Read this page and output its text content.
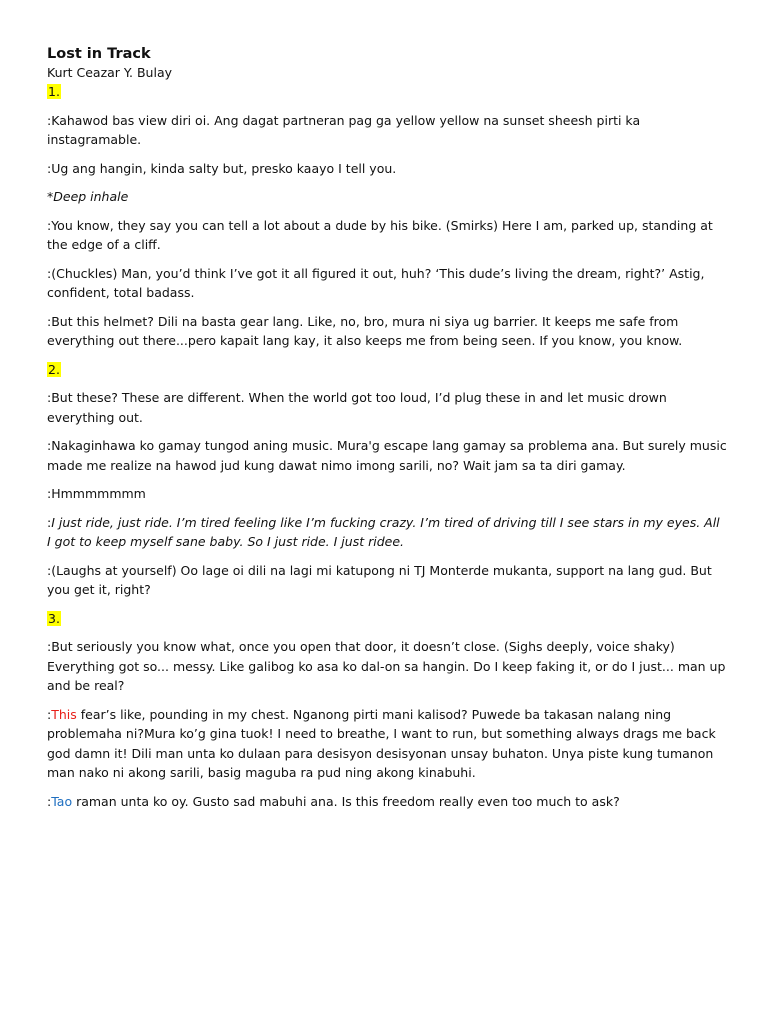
Lost in Track

Kurt Ceazar Y. Bulay

1.

:Kahawod bas view diri oi. Ang dagat partneran pag ga yellow yellow na sunset sheesh pirti ka instagramable.

:Ug ang hangin, kinda salty but, presko kaayo I tell you.

*Deep inhale

:You know, they say you can tell a lot about a dude by his bike. (Smirks) Here I am, parked up, standing at the edge of a cliff.

:(Chuckles) Man, you’d think I’ve got it all figured it out, huh? ‘This dude’s living the dream, right?’ Astig, confident, total badass.

:But this helmet? Dili na basta gear lang. Like, no, bro, mura ni siya ug barrier. It keeps me safe from everything out there...pero kapait lang kay, it also keeps me from being seen. If you know, you know.

2.

:But these? These are different. When the world got too loud, I’d plug these in and let music drown everything out.

:Nakaginhawa ko gamay tungod aning music. Mura'g escape lang gamay sa problema ana. But surely music made me realize na hawod jud kung dawat nimo imong sarili, no? Wait jam sa ta diri gamay.

:Hmmmmmmm

:I just ride, just ride. I’m tired feeling like I’m fucking crazy. I’m tired of driving till I see stars in my eyes. All I got to keep myself sane baby. So I just ride. I just ridee.

:(Laughs at yourself) Oo lage oi dili na lagi mi katupong ni TJ Monterde mukanta, support na lang gud. But you get it, right?

3.

:But seriously you know what, once you open that door, it doesn’t close. (Sighs deeply, voice shaky) Everything got so... messy. Like galibog ko asa ko dal-on sa hangin. Do I keep faking it, or do I just... man up and be real?

:This fear’s like, pounding in my chest. Nganong pirti mani kalisod? Puwede ba takasan nalang ning problemaha ni?Mura ko’g gina tuok! I need to breathe, I want to run, but something always drags me back god damn it! Dili man unta ko dulaan para desisyon desisyonan unsay buhaton. Unya piste kung tumanon man nako ni akong sarili, basig maguba ra pud ning akong kinabuhi.

:Tao raman unta ko oy. Gusto sad mabuhi ana. Is this freedom really even too much to ask?
